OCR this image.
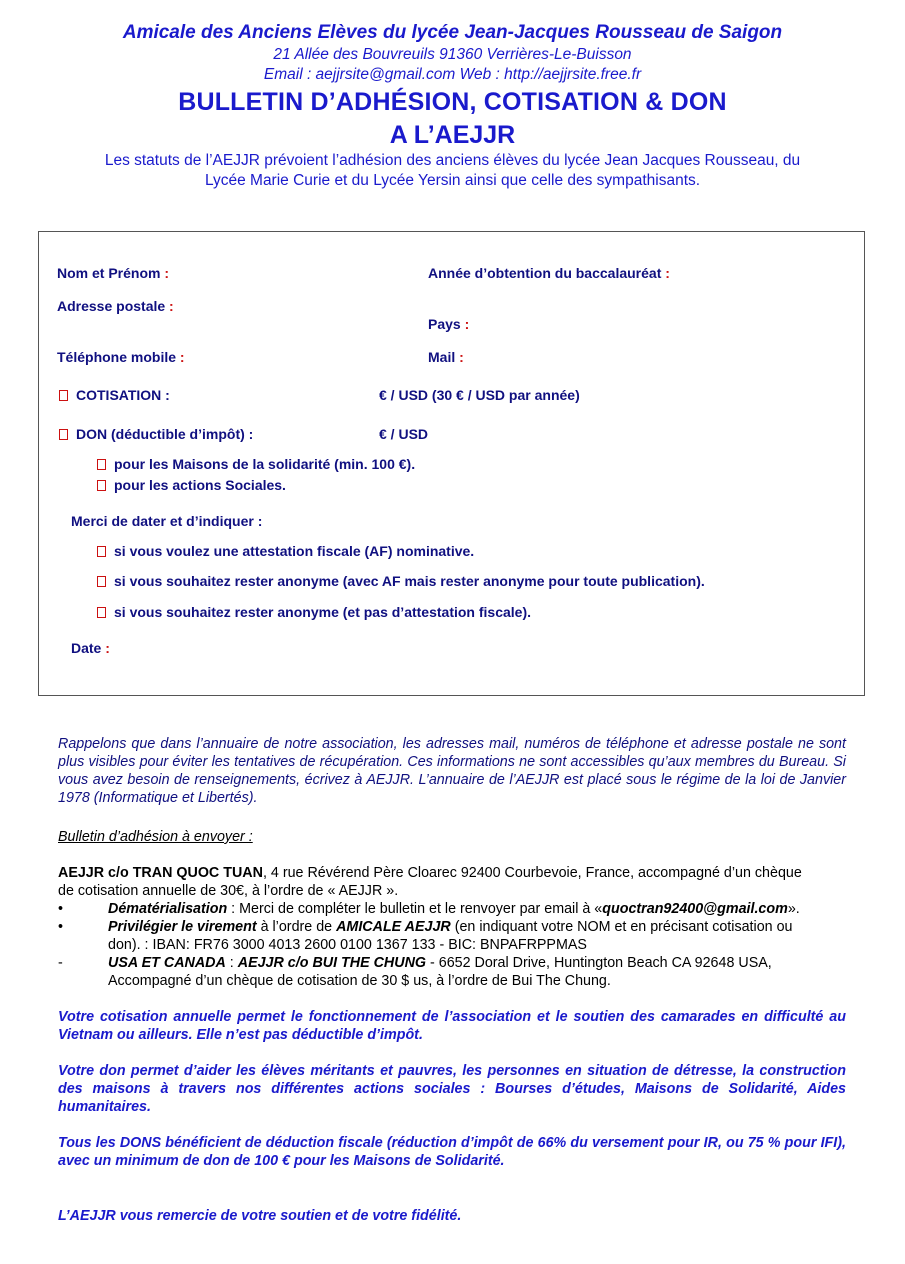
Amicale des Anciens Elèves du lycée Jean-Jacques Rousseau de Saigon
21 Allée des Bouvreuils 91360 Verrières-Le-Buisson
Email : aejjrsite@gmail.com Web : http://aejjrsite.free.fr
BULLETIN D’ADHÉSION, COTISATION & DON
A L’AEJJR
Les statuts de l’AEJJR prévoient l’adhésion des anciens élèves du lycée Jean Jacques Rousseau, du
Lycée Marie Curie et du Lycée Yersin ainsi que celle des sympathisants.
Nom et Prénom :	Année d’obtention du baccalauréat :
Adresse postale :
Pays :
Téléphone mobile :	Mail :
COTISATION :	€ / USD (30 € / USD par année)
DON (déductible d’impôt) :	€ / USD
pour les Maisons de la solidarité (min. 100 €).
pour les actions Sociales.
Merci de dater et d’indiquer :
si vous voulez une attestation fiscale (AF) nominative.
si vous souhaitez rester anonyme (avec AF mais rester anonyme pour toute publication).
si vous souhaitez rester anonyme (et pas d’attestation fiscale).
Date :
Rappelons que dans l’annuaire de notre association, les adresses mail, numéros de téléphone et adresse postale ne sont plus visibles pour éviter les tentatives de récupération. Ces informations ne sont accessibles qu’aux membres du Bureau. Si vous avez besoin de renseignements, écrivez à AEJJR. L’annuaire de l’AEJJR est placé sous le régime de la loi de Janvier 1978 (Informatique et Libertés).
Bulletin d’adhésion à envoyer :
AEJJR c/o TRAN QUOC TUAN, 4 rue Révérend Père Cloarec 92400 Courbevoie, France, accompagné d’un chèque
de cotisation annuelle de 30€, à l’ordre de « AEJJR ».
•	Dématérialisation : Merci de compléter le bulletin et le renvoyer par email à «quoctran92400@gmail.com».
•	Privilégier le virement à l’ordre de AMICALE AEJJR (en indiquant votre NOM et en précisant cotisation ou
don). : IBAN: FR76 3000 4013 2600 0100 1367 133 - BIC: BNPAFRPPMAS
-	USA ET CANADA : AEJJR c/o BUI THE CHUNG - 6652 Doral Drive, Huntington Beach CA 92648 USA,
Accompagné d’un chèque de cotisation de 30 $ us, à l’ordre de Bui The Chung.
Votre cotisation annuelle permet le fonctionnement de l’association et le soutien des camarades en difficulté au Vietnam ou ailleurs. Elle n’est pas déductible d’impôt.
Votre don permet d’aider les élèves méritants et pauvres, les personnes en situation de détresse, la construction des maisons à travers nos différentes actions sociales : Bourses d’études, Maisons de Solidarité, Aides humanitaires.
Tous les DONS bénéficient de déduction fiscale (réduction d’impôt de 66% du versement pour IR, ou 75 % pour IFI), avec un minimum de don de 100 € pour les Maisons de Solidarité.
L’AEJJR vous remercie de votre soutien et de votre fidélité.
